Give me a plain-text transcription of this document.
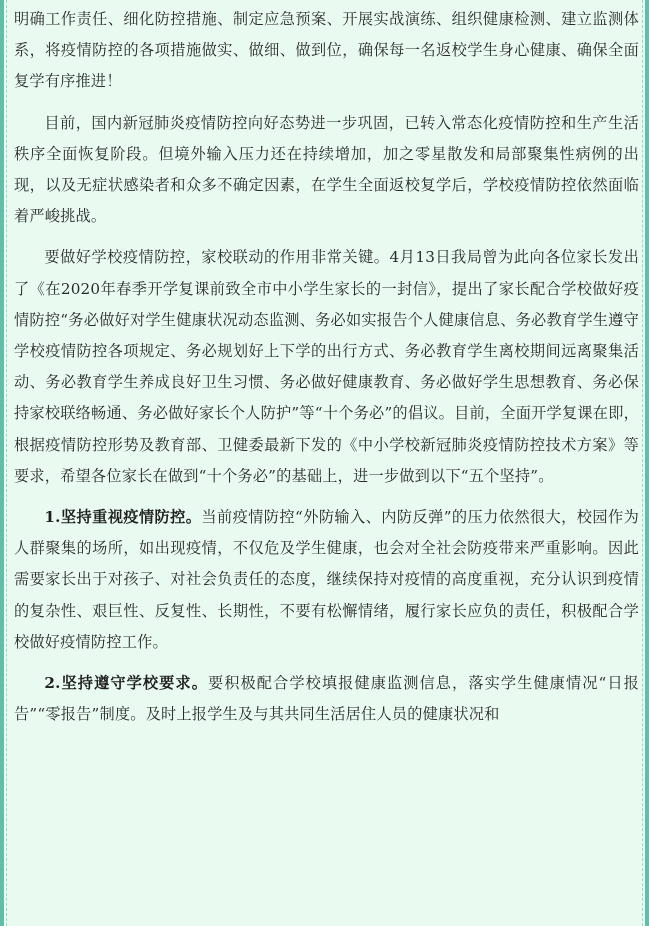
明确工作责任、细化防控措施、制定应急预案、开展实战演练、组织健康检测、建立监测体系，将疫情防控的各项措施做实、做细、做到位，确保每一名返校学生身心健康、确保全面复学有序推进！

目前，国内新冠肺炎疫情防控向好态势进一步巩固，已转入常态化疫情防控和生产生活秩序全面恢复阶段。但境外输入压力还在持续增加，加之零星散发和局部聚集性病例的出现，以及无症状感染者和众多不确定因素，在学生全面返校复学后，学校疫情防控依然面临着严峻挑战。

要做好学校疫情防控，家校联动的作用非常关键。4月13日我局曾为此向各位家长发出了《在2020年春季开学复课前致全市中小学生家长的一封信》，提出了家长配合学校做好疫情防控“务必做好对学生健康状况动态监测、务必如实报告个人健康信息、务必教育学生遵守学校疫情防控各项规定、务必规划好上下学的出行方式、务必教育学生离校期间远离聚集活动、务必教育学生养成良好卫生习惯、务必做好健康教育、务必做好学生思想教育、务必保持家校联络畅通、务必做好家长个人防护”等“十个务必”的倡议。目前，全面开学复课在即，根据疫情防控形势及教育部、卫健委最新下发的《中小学校新冠肺炎疫情防控技术方案》等要求，希望各位家长在做到“十个务必”的基础上，进一步做到以下“五个坚持”。

1.坚持重视疫情防控。当前疫情防控“外防输入、内防反弹”的压力依然很大，校园作为人群聚集的场所，如出现疫情，不仅危及学生健康，也会对全社会防疫带来严重影响。因此需要家长出于对孩子、对社会负责任的态度，继续保持对疫情的高度重视，充分认识到疫情的复杂性、艰巨性、反复性、长期性，不要有松懈情绪，履行家长应负的责任，积极配合学校做好疫情防控工作。

2.坚持遵守学校要求。要积极配合学校填报健康监测信息，落实学生健康情况“日报告”“零报告”制度。及时上报学生及与其共同生活居住人员的健康状况和
